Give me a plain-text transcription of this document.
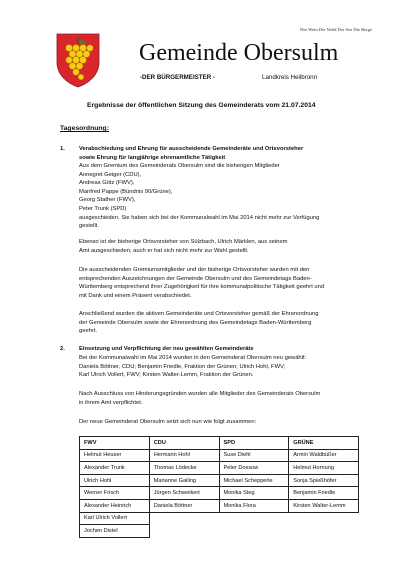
Der Wein Der Wald Der See Die Berge
Gemeinde Obersulm
-DER BÜRGERMEISTER -	Landkreis Heilbronn
Ergebnisse der öffentlichen Sitzung des Gemeinderats vom 21.07.2014
Tagesordnung:
1. Verabschiedung und Ehrung für ausscheidende Gemeinderäte und Ortsvorsteher
sowie Ehrung für langjährige ehrenamtliche Tätigkeit
Aus dem Gremium des Gemeinderats Obersulm sind die bisherigen Mitglieder
Annegret Geiger (CDU),
Andreas Götz (FWV),
Manfred Pappe (Bündnis 90/Grüne),
Georg Stather (FWV),
Peter Trunk (SPD)
ausgeschieden. Sie haben sich bei der Kommunalwahl im Mai 2014 nicht mehr zur Verfügung
gestellt.
Ebenso ist der bisherige Ortsvorsteher von Sülzbach, Ulrich Märklen, aus seinem
Amt ausgeschieden, auch er hat sich nicht mehr zur Wahl gestellt.
Die ausscheidenden Gremiumsmitglieder und der bisherige Ortsvorsteher wurden mit den
entsprechenden Auszeichnungen der Gemeinde Obersulm und des Gemeindetags Baden-
Württemberg entsprechend ihrer Zugehörigkeit für ihre kommunalpolitische Tätigkeit geehrt und
mit Dank und einem Präsent verabschiedet.
Anschließend wurden die aktiven Gemeinderäte und Ortsvorsteher gemäß der Ehrenordnung
der Gemeinde Obersulm sowie der Ehrenordnung des Gemeindetags Baden-Württemberg
geehrt.
2. Einsetzung und Verpflichtung der neu gewählten Gemeinderäte
Bei der Kommunalwahl im Mai 2014 wurden in den Gemeinderat Obersulm neu gewählt:
Daniela Böttner, CDU; Benjamin Friedle, Fraktion der Grünen; Ulrich Hohl, FWV;
Karl Ulrich Vollert, FWV; Kirsten Walter-Lemm, Fraktion der Grünen.
Nach Ausschluss von Hinderungsgründen wurden alle Mitglieder des Gemeinderats Obersulm
in ihrem Amt verpflichtet.
Der neue Gemeinderat Obersulm setzt sich nun wie folgt zusammen:
FWV	CDU	SPD	GRÜNE
Helmut Heuser	Hermann Hohl	Suse Diehl	Armin Waldbüßer
Alexander Trunk	Thomas Lödecke	Peter Dossow	Helmut Hornung
Ulrich Hohl	Marianne Gailing	Michael Schepperle	Sonja Spießhöfer
Werner Frisch	Jürgen Schweikert	Monika Steg	Benjamin Friedle
Alexander Heinrich	Daniela Böttner	Monika Flora	Kirsten Walter-Lemm
Karl Ulrich Vollert			
Jochen Distel			
